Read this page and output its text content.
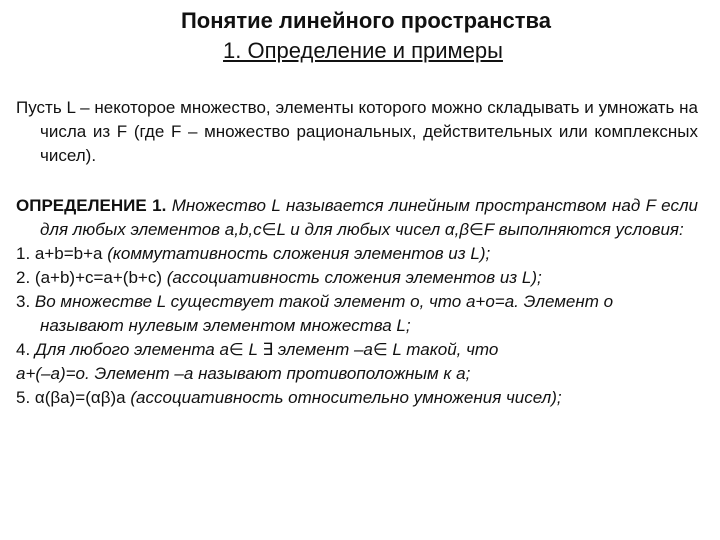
Понятие линейного пространства
1. Определение и примеры

Пусть L – некоторое множество, элементы которого можно складывать и умножать на числа из F (где F – множество рациональных, действительных или комплексных чисел).

ОПРЕДЕЛЕНИЕ 1. Множество L называется линейным пространством над F если для любых элементов a,b,c∈L и для любых чисел α,β∈F выполняются условия:

1. a+b=b+a (коммутативность сложения элементов из L);

2. (a+b)+c=a+(b+c) (ассоциативность сложения элементов из L);

3. Во множестве L существует такой элемент o, что a+o=a. Элемент o называют нулевым элементом множества L;

4. Для любого элемента a∈ L ∃ элемент –a∈ L такой, что

a+(–a)=o. Элемент –a называют противоположным к a;

5. α(βa)=(αβ)a (ассоциативность относительно умножения чисел);
